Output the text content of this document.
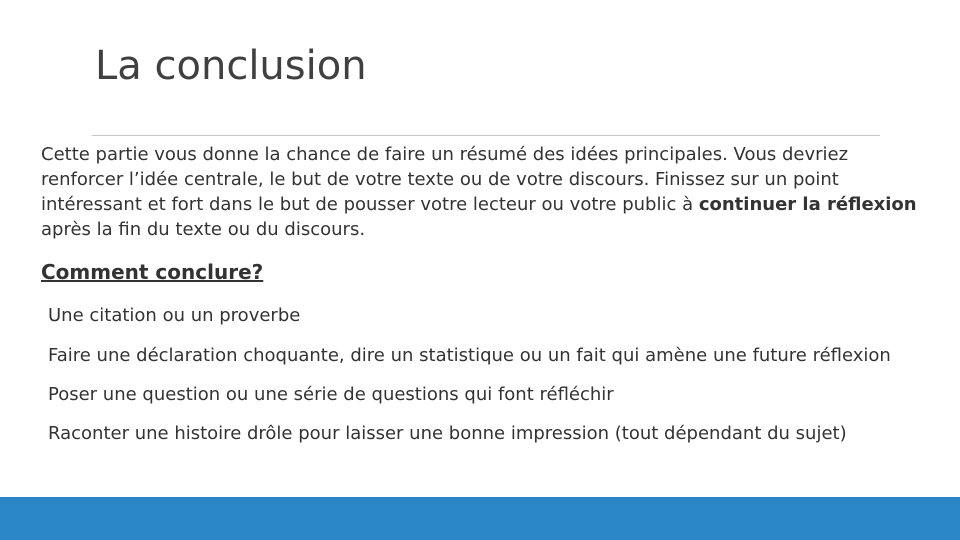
La conclusion

Cette partie vous donne la chance de faire un résumé des idées principales. Vous devriez renforcer l’idée centrale, le but de votre texte ou de votre discours. Finissez sur un point intéressant et fort dans le but de pousser votre lecteur ou votre public à continuer la réflexion après la fin du texte ou du discours.

Comment conclure?
Une citation ou un proverbe
Faire une déclaration choquante, dire un statistique ou un fait qui amène une future réflexion
Poser une question ou une série de questions qui font réfléchir
Raconter une histoire drôle pour laisser une bonne impression (tout dépendant du sujet)
